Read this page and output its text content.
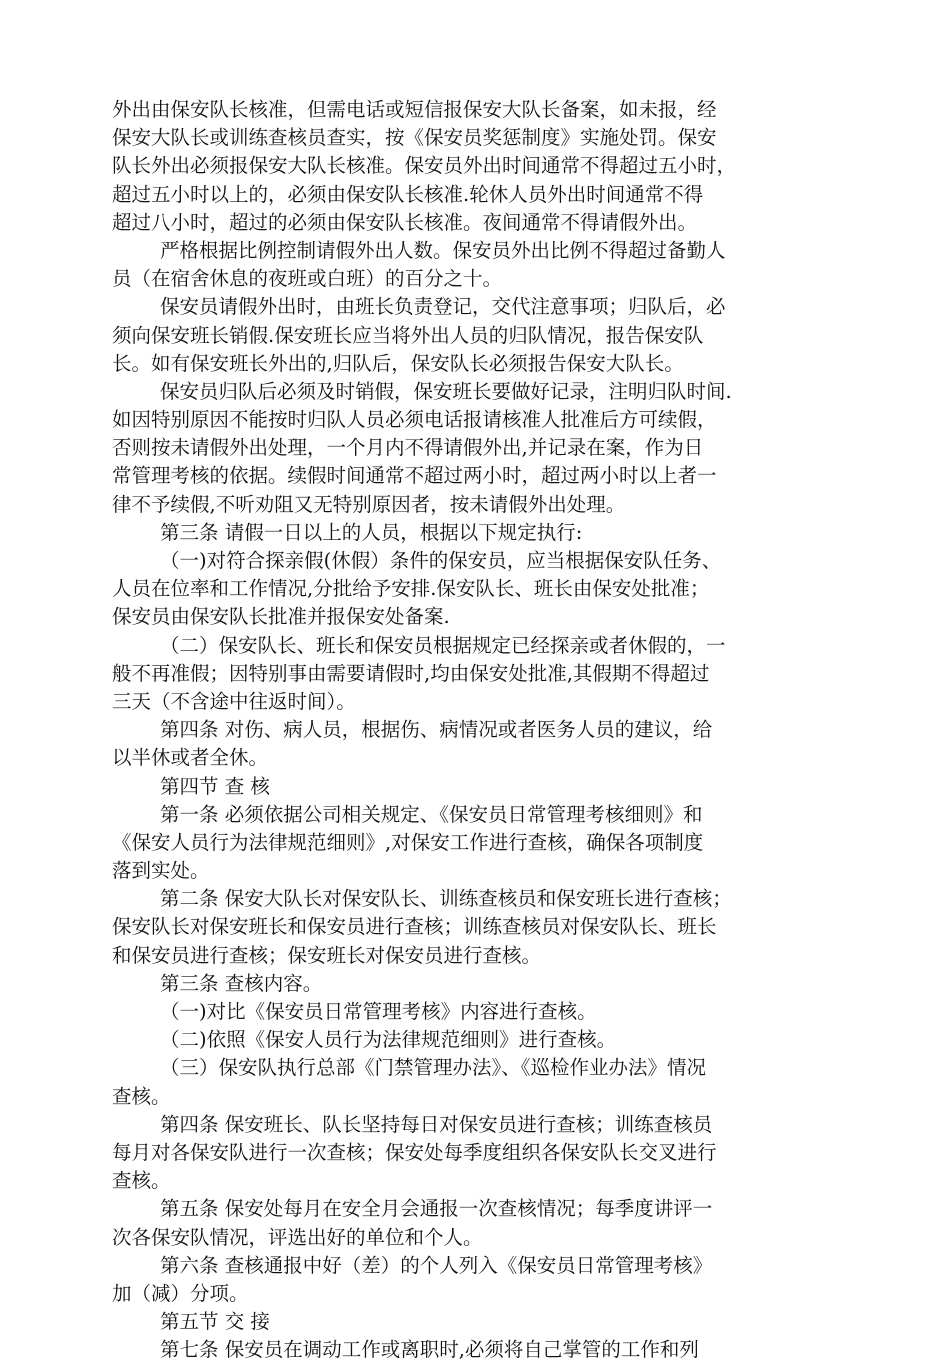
外出由保安队长核准，但需电话或短信报保安大队长备案，如未报，经
保安大队长或训练查核员查实，按《保安员奖惩制度》实施处罚。保安
队长外出必须报保安大队长核准。保安员外出时间通常不得超过五小时，
超过五小时以上的，必须由保安队长核准.轮休人员外出时间通常不得
超过八小时，超过的必须由保安队长核准。夜间通常不得请假外出。
严格根据比例控制请假外出人数。保安员外出比例不得超过备勤人
员（在宿舍休息的夜班或白班）的百分之十。
保安员请假外出时，由班长负责登记，交代注意事项；归队后，必
须向保安班长销假.保安班长应当将外出人员的归队情况，报告保安队
长。如有保安班长外出的,归队后，保安队长必须报告保安大队长。
保安员归队后必须及时销假，保安班长要做好记录，注明归队时间.
如因特别原因不能按时归队人员必须电话报请核准人批准后方可续假，
否则按未请假外出处理，一个月内不得请假外出,并记录在案，作为日
常管理考核的依据。续假时间通常不超过两小时，超过两小时以上者一
律不予续假,不听劝阻又无特别原因者，按未请假外出处理。
第三条 请假一日以上的人员，根据以下规定执行:
（一)对符合探亲假(休假）条件的保安员，应当根据保安队任务、
人员在位率和工作情况,分批给予安排.保安队长、班长由保安处批准；
保安员由保安队长批准并报保安处备案.
（二）保安队长、班长和保安员根据规定已经探亲或者休假的，一
般不再准假；因特别事由需要请假时,均由保安处批准,其假期不得超过
三天（不含途中往返时间）。
第四条 对伤、病人员，根据伤、病情况或者医务人员的建议，给
以半休或者全休。
第四节 查 核
第一条 必须依据公司相关规定、《保安员日常管理考核细则》和
《保安人员行为法律规范细则》,对保安工作进行查核，确保各项制度
落到实处。
第二条 保安大队长对保安队长、训练查核员和保安班长进行查核；
保安队长对保安班长和保安员进行查核；训练查核员对保安队长、班长
和保安员进行查核；保安班长对保安员进行查核。
第三条 查核内容。
（一)对比《保安员日常管理考核》内容进行查核。
（二)依照《保安人员行为法律规范细则》进行查核。
（三）保安队执行总部《门禁管理办法》、《巡检作业办法》情况
查核。
第四条 保安班长、队长坚持每日对保安员进行查核；训练查核员
每月对各保安队进行一次查核；保安处每季度组织各保安队长交叉进行
查核。
第五条 保安处每月在安全月会通报一次查核情况；每季度讲评一
次各保安队情况，评选出好的单位和个人。
第六条 查核通报中好（差）的个人列入《保安员日常管理考核》
加（减）分项。
第五节 交 接
第七条 保安员在调动工作或离职时,必须将自己掌管的工作和列
